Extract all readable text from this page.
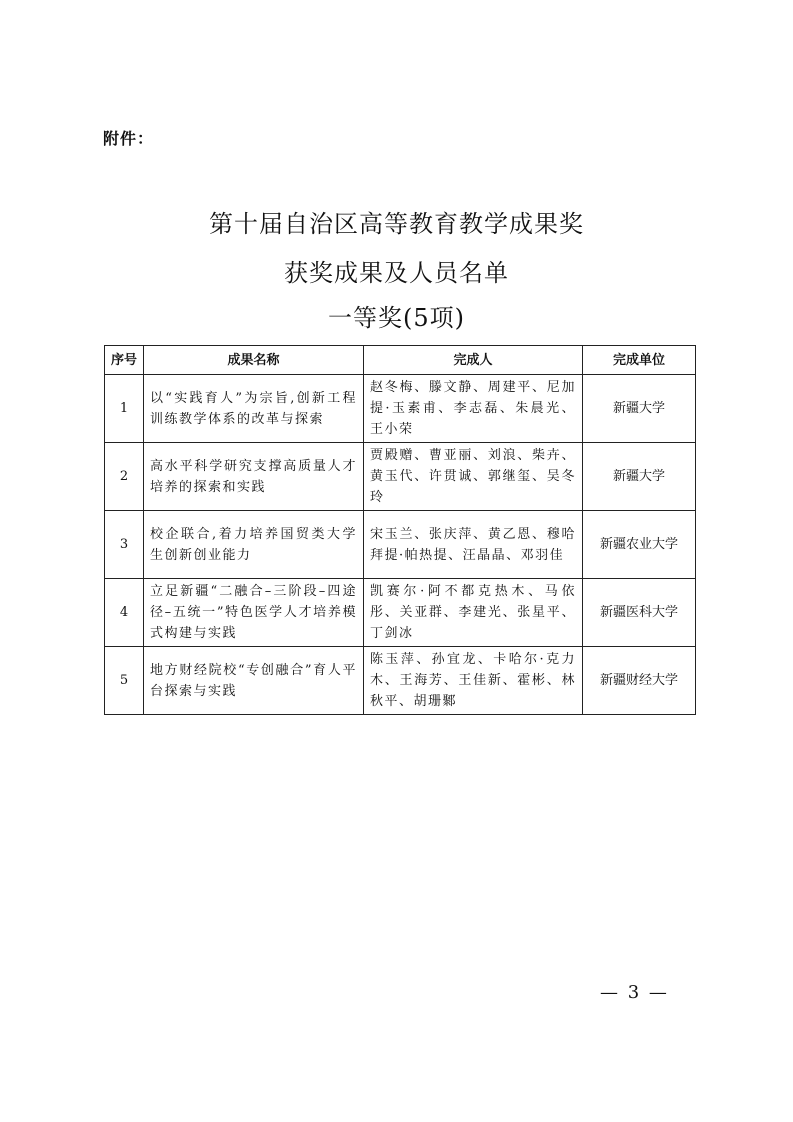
附件：
第十届自治区高等教育教学成果奖
获奖成果及人员名单
一等奖(5项)
序号	成果名称	完成人	完成单位
1	以“实践育人”为宗旨,创新工程训练教学体系的改革与探索	赵冬梅、滕文静、周建平、尼加提·玉素甫、李志磊、朱晨光、王小荣	新疆大学
2	高水平科学研究支撑高质量人才培养的探索和实践	贾殿赠、曹亚丽、刘浪、柴卉、黄玉代、许贯诚、郭继玺、吴冬玲	新疆大学
3	校企联合,着力培养国贸类大学生创新创业能力	宋玉兰、张庆萍、黄乙恩、穆哈拜提·帕热提、汪晶晶、邓羽佳	新疆农业大学
4	立足新疆“二融合–三阶段–四途径–五统一”特色医学人才培养模式构建与实践	凯赛尔·阿不都克热木、马依彤、关亚群、李建光、张星平、丁剑冰	新疆医科大学
5	地方财经院校“专创融合”育人平台探索与实践	陈玉萍、孙宜龙、卡哈尔·克力木、王海芳、王佳新、霍彬、林秋平、胡珊鄹	新疆财经大学
— 3 —
